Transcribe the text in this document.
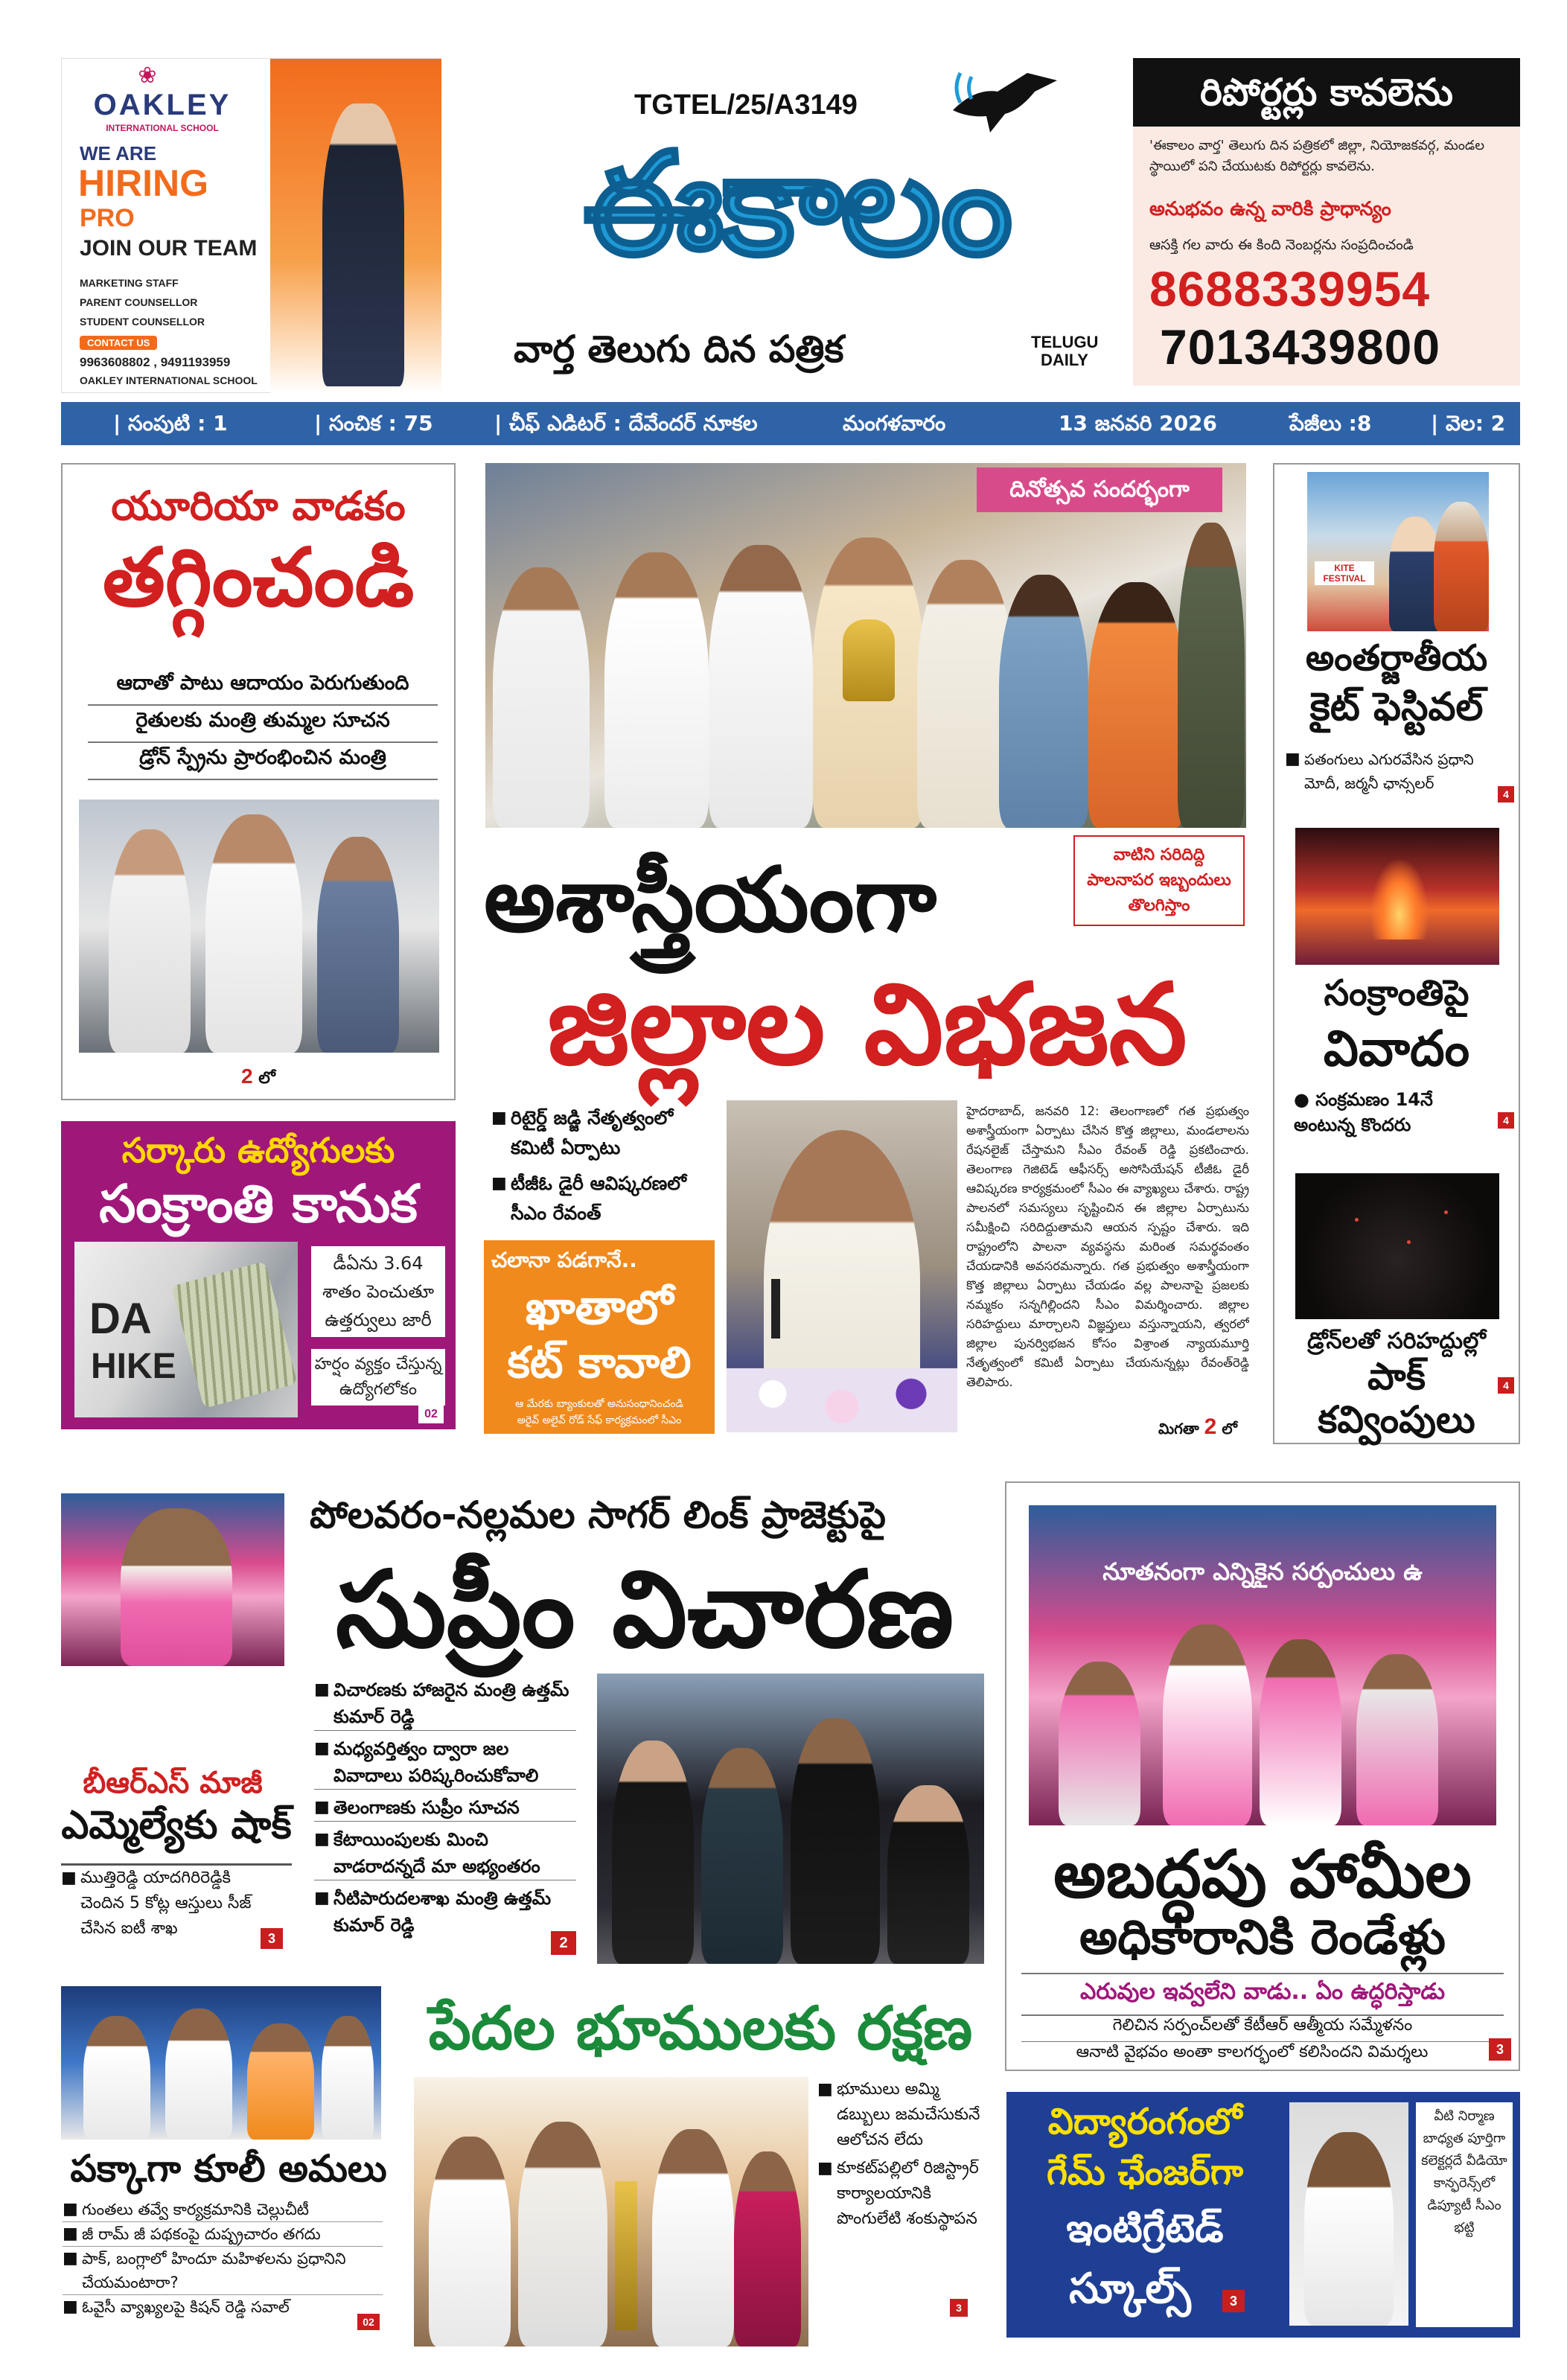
❀
OAKLEY
INTERNATIONAL SCHOOL
WE ARE
HIRING
PRO
JOIN OUR TEAM
MARKETING STAFF
PARENT COUNSELLOR
STUDENT COUNSELLOR
CONTACT US
9963608802 , 9491193959
OAKLEY INTERNATIONAL SCHOOL
TGTEL/25/A3149
ఈకాలం
వార్త తెలుగు దిన పత్రిక	TELUGU DAILY
రిపోర్టర్లు కావలెను
'ఈకాలం వార్త' తెలుగు దిన పత్రికలో జిల్లా, నియోజకవర్గ, మండల స్థాయిలో పని చేయుటకు రిపోర్టర్లు కావలెను.
అనుభవం ఉన్న వారికి ప్రాధాన్యం
ఆసక్తి గల వారు ఈ కింది నెంబర్లను సంప్రదించండి
8688339954
7013439800
| సంపుటి : 1	| సంచిక : 75	| చీఫ్ ఎడిటర్ : దేవేందర్ నూకల	మంగళవారం	13 జనవరి 2026	పేజీలు :8	| వెల: 2
యూరియా వాడకం
తగ్గించండి
ఆదాతో పాటు ఆదాయం పెరుగుతుంది
రైతులకు మంత్రి తుమ్మల సూచన
డ్రోన్ స్ప్రేను ప్రారంభించిన మంత్రి
2 లో
సర్కారు ఉద్యోగులకు
సంక్రాంతి కానుక
DA
HIKE
డీఏను 3.64 శాతం పెంచుతూ ఉత్తర్వులు జారీ
హర్షం వ్యక్తం చేస్తున్న ఉద్యోగలోకం
02
దినోత్సవ సందర్భంగా
అశాస్త్రీయంగా	వాటిని సరిదిద్ది పాలనాపర ఇబ్బందులు తొలగిస్తాం
జిల్లాల విభజన
■ రిటైర్డ్ జడ్జి నేతృత్వంలో కమిటీ ఏర్పాటు
■ టీజీఓ డైరీ ఆవిష్కరణలో సీఎం రేవంత్
చలానా పడగానే..
ఖాతాలో
కట్ కావాలి
ఆ మేరకు బ్యాంకులతో అనుసంధానించండి
అరైవ్ అలైవ్ రోడ్ సేఫ్ కార్యక్రమంలో సీఎం
హైదరాబాద్, జనవరి 12: తెలంగాణలో గత ప్రభుత్వం అశాస్త్రీయంగా ఏర్పాటు చేసిన కొత్త జిల్లాలు, మండలాలను రేషనలైజ్ చేస్తామని సీఎం రేవంత్ రెడ్డి ప్రకటించారు. తెలంగాణ గెజిటెడ్ ఆఫీసర్స్ అసోసియేషన్ టీజీఓ డైరీ ఆవిష్కరణ కార్యక్రమంలో సీఎం ఈ వ్యాఖ్యలు చేశారు. రాష్ట్ర పాలనలో సమస్యలు సృష్టించిన ఈ జిల్లాల ఏర్పాటును సమీక్షించి సరిదిద్దుతామని ఆయన స్పష్టం చేశారు. ఇది రాష్ట్రంలోని పాలనా వ్యవస్థను మరింత సమర్థవంతం చేయడానికి అవసరమన్నారు. గత ప్రభుత్వం అశాస్త్రీయంగా కొత్త జిల్లాలు ఏర్పాటు చేయడం వల్ల పాలనాపై ప్రజలకు నమ్మకం సన్నగిల్లిందని సీఎం విమర్శించారు. జిల్లాల సరిహద్దులు మార్చాలని విజ్ఞప్తులు వస్తున్నాయని, త్వరలో జిల్లాల పునర్విభజన కోసం విశ్రాంత న్యాయమూర్తి నేతృత్వంలో కమిటీ ఏర్పాటు చేయనున్నట్లు రేవంత్‌రెడ్డి తెలిపారు.
మిగతా 2 లో
KITE FESTIVAL
అంతర్జాతీయ
కైట్ ఫెస్టివల్
■ పతంగులు ఎగురవేసిన ప్రధాని మోదీ, జర్మనీ ఛాన్సలర్
4
సంక్రాంతిపై
వివాదం
● సంక్రమణం 14నే అంటున్న కొందరు	4
డ్రోన్‌లతో సరిహద్దుల్లో
పాక్
కవ్వింపులు
4
బీఆర్ఎస్ మాజీ
ఎమ్మెల్యేకు షాక్
■ ముత్తిరెడ్డి యాదగిరిరెడ్డికి చెందిన 5 కోట్ల ఆస్తులు సీజ్ చేసిన ఐటీ శాఖ
3
పోలవరం-నల్లమల సాగర్ లింక్ ప్రాజెక్టుపై
సుప్రీం విచారణ
■ విచారణకు హాజరైన మంత్రి ఉత్తమ్ కుమార్ రెడ్డి
■ మధ్యవర్తిత్వం ద్వారా జల వివాదాలు పరిష్కరించుకోవాలి
■ తెలంగాణకు సుప్రీం సూచన
■ కేటాయింపులకు మించి వాడరాదన్నదే మా అభ్యంతరం
■ నీటిపారుదలశాఖ మంత్రి ఉత్తమ్ కుమార్ రెడ్డి
2
నూతనంగా ఎన్నికైన సర్పంచులు ఉ
అబద్ధపు హామీల
అధికారానికి రెండేళ్లు
ఎరువుల ఇవ్వలేని వాడు.. ఏం ఉద్ధరిస్తాడు
గెలిచిన సర్పంచ్‌లతో కేటీఆర్ ఆత్మీయ సమ్మేళనం
ఆనాటి వైభవం అంతా కాలగర్భంలో కలిసిందని విమర్శలు	3
పక్కాగా కూలీ అమలు
■ గుంతలు తవ్వే కార్యక్రమానికి చెల్లుచీటీ
■ జీ రామ్ జీ పథకంపై దుష్ప్రచారం తగదు
■ పాక్, బంగ్లాలో హిందూ మహిళలను ప్రధానిని చేయమంటారా?
■ ఓవైసీ వ్యాఖ్యలపై కిషన్ రెడ్డి సవాల్
02
పేదల భూములకు రక్షణ
■ భూములు అమ్మి డబ్బులు జమచేసుకునే ఆలోచన లేదు
■ కూకట్‌పల్లిలో రిజిస్ట్రార్ కార్యాలయానికి పొంగులేటి శంకుస్థాపన
3
విద్యారంగంలో
గేమ్ ఛేంజర్‌గా
ఇంటిగ్రేటెడ్
స్కూల్స్	3
వీటి నిర్మాణ బాధ్యత పూర్తిగా కలెక్టర్లదే వీడియో కాన్ఫరెన్స్‌లో డిప్యూటీ సీఎం భట్టి
